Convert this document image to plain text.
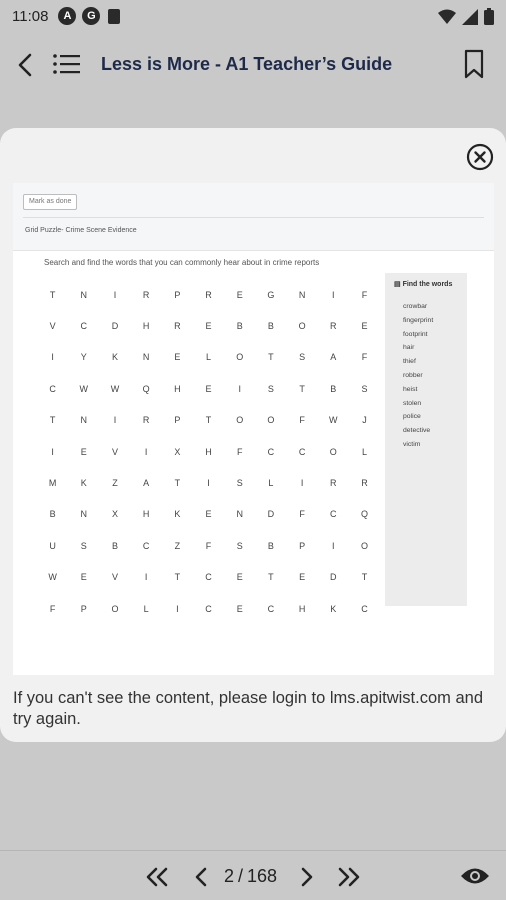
11:08	A	G
Less is More - A1 Teacher’s Guide
Mark as done
Grid Puzzle- Crime Scene Evidence
Search and find the words that you can commonly hear about in crime reports
T	N	I	R	P	R	E	G	N	I	F
V	C	D	H	R	E	B	B	O	R	E
I	Y	K	N	E	L	O	T	S	A	F
C	W	W	Q	H	E	I	S	T	B	S
T	N	I	R	P	T	O	O	F	W	J
I	E	V	I	X	H	F	C	C	O	L
M	K	Z	A	T	I	S	L	I	R	R
B	N	X	H	K	E	N	D	F	C	Q
U	S	B	C	Z	F	S	B	P	I	O
W	E	V	I	T	C	E	T	E	D	T
F	P	O	L	I	C	E	C	H	K	C
▤ Find the words
crowbar
fingerprint
footprint
hair
thief
robber
heist
stolen
police
detective
victim

If you can't see the content, please login to lms.apitwist.com and try again.

2 / 168
